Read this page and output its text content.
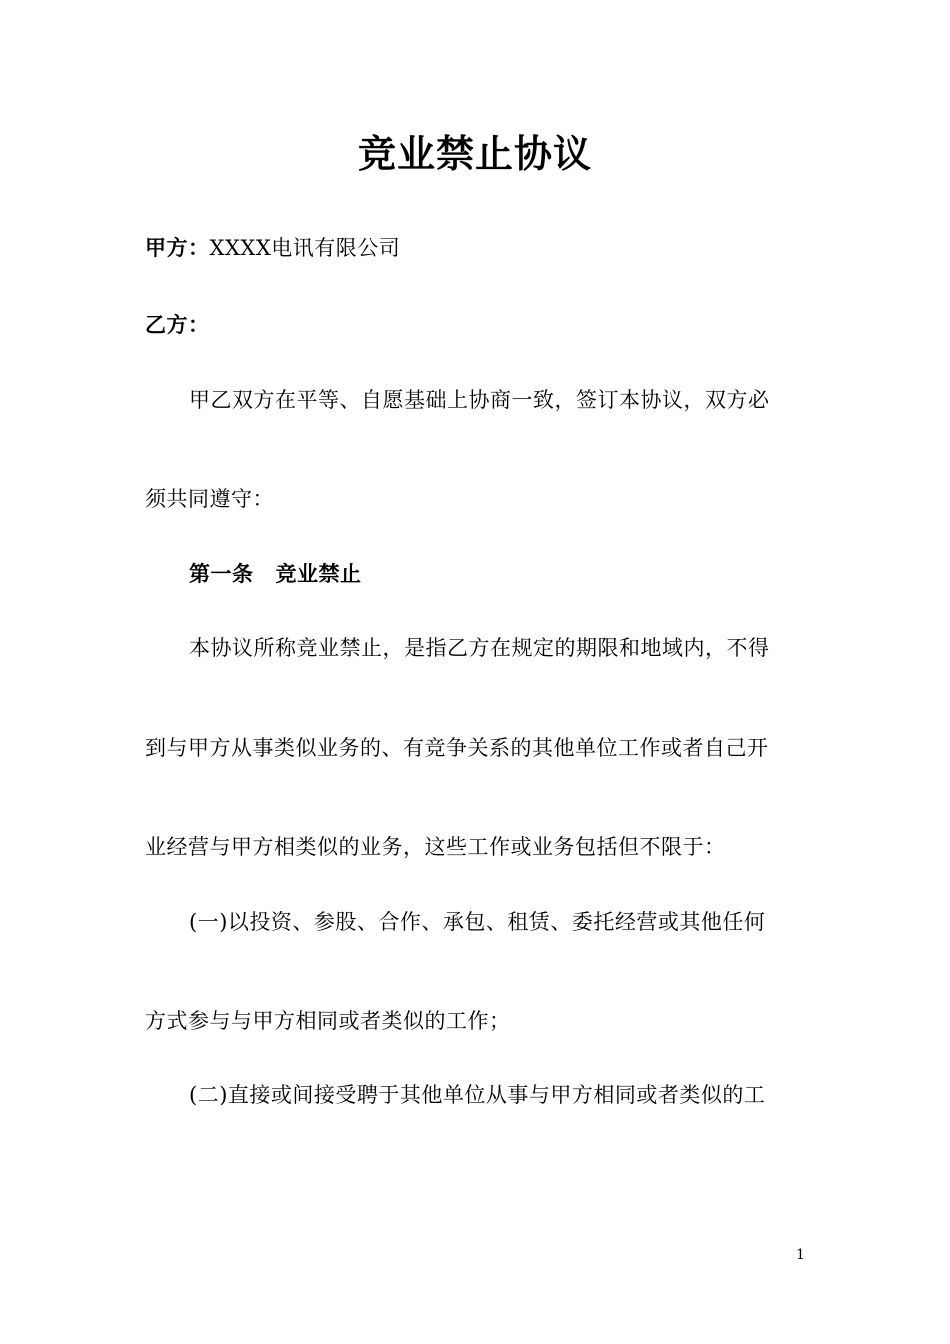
竞业禁止协议
甲方：XXXX电讯有限公司
乙方：
甲乙双方在平等、自愿基础上协商一致，签订本协议，双方必
须共同遵守：
第一条 竞业禁止
本协议所称竞业禁止，是指乙方在规定的期限和地域内，不得
到与甲方从事类似业务的、有竞争关系的其他单位工作或者自己开
业经营与甲方相类似的业务，这些工作或业务包括但不限于：
(一)以投资、参股、合作、承包、租赁、委托经营或其他任何
方式参与与甲方相同或者类似的工作；
(二)直接或间接受聘于其他单位从事与甲方相同或者类似的工
1
